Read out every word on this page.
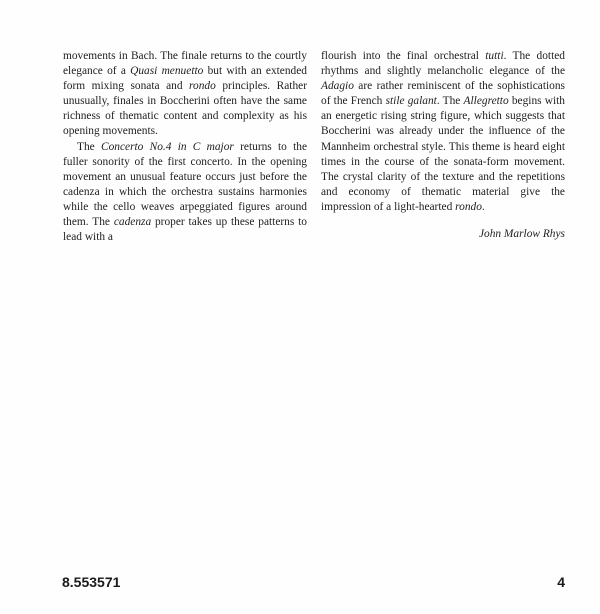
movements in Bach. The finale returns to the courtly elegance of a Quasi menuetto but with an extended form mixing sonata and rondo principles. Rather unusually, finales in Boccherini often have the same richness of thematic content and complexity as his opening movements.

The Concerto No.4 in C major returns to the fuller sonority of the first concerto. In the opening movement an unusual feature occurs just before the cadenza in which the orchestra sustains harmonies while the cello weaves arpeggiated figures around them. The cadenza proper takes up these patterns to lead with a

flourish into the final orchestral tutti. The dotted rhythms and slightly melancholic elegance of the Adagio are rather reminiscent of the sophistications of the French stile galant. The Allegretto begins with an energetic rising string figure, which suggests that Boccherini was already under the influence of the Mannheim orchestral style. This theme is heard eight times in the course of the sonata-form movement. The crystal clarity of the texture and the repetitions and economy of thematic material give the impression of a light-hearted rondo.

John Marlow Rhys
8.553571	4
